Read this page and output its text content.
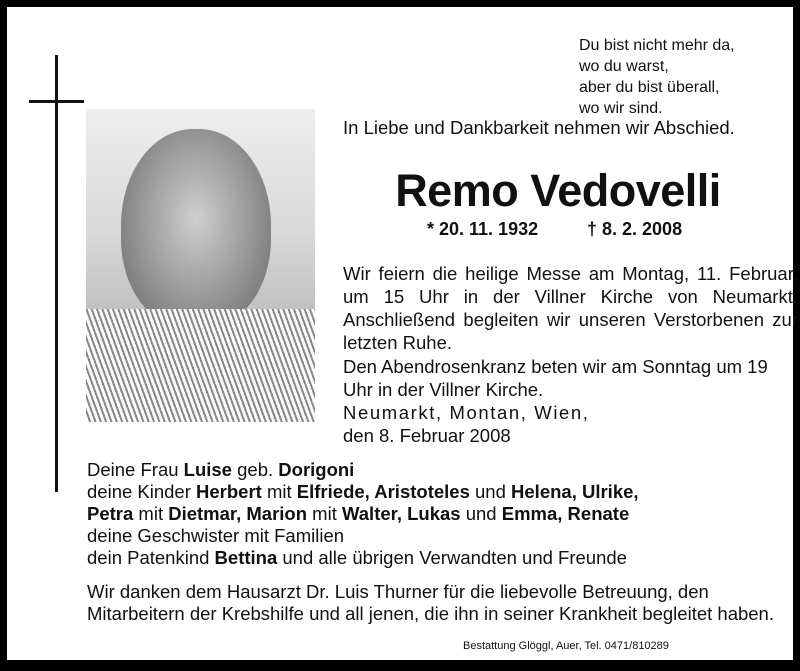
Du bist nicht mehr da,
wo du warst,
aber du bist überall,
wo wir sind.
In Liebe und Dankbarkeit nehmen wir Abschied.
Remo Vedovelli
* 20. 11. 1932	† 8. 2. 2008
Wir feiern die heilige Messe am Montag, 11. Februar, um 15 Uhr in der Villner Kirche von Neumarkt. Anschließend begleiten wir unseren Verstorbenen zur letzten Ruhe.
Den Abendrosenkranz beten wir am Sonntag um 19 Uhr in der Villner Kirche.
Neumarkt, Montan, Wien,
den 8. Februar 2008
Deine Frau Luise geb. Dorigoni
deine Kinder Herbert mit Elfriede, Aristoteles und Helena, Ulrike,
Petra mit Dietmar, Marion mit Walter, Lukas und Emma, Renate
deine Geschwister mit Familien
dein Patenkind Bettina und alle übrigen Verwandten und Freunde
Wir danken dem Hausarzt Dr. Luis Thurner für die liebevolle Betreuung, den Mitarbeitern der Krebshilfe und all jenen, die ihn in seiner Krankheit begleitet haben.
Bestattung Glöggl, Auer, Tel. 0471/810289
